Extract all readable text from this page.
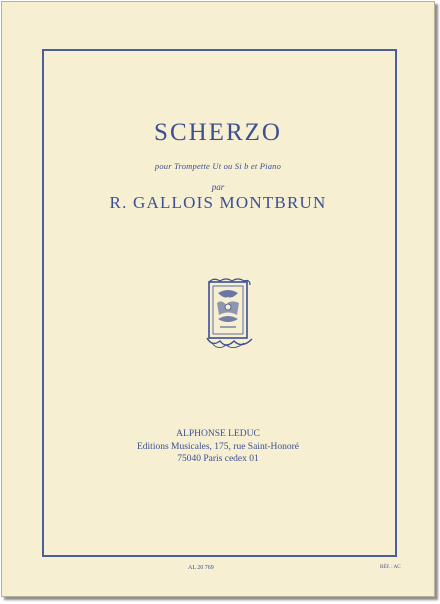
SCHERZO
pour Trompette Ut ou Si b et Piano
par
R. GALLOIS MONTBRUN
ALPHONSE LEDUC
Editions Musicales, 175, rue Saint-Honoré
75040 Paris cedex 01
AL 20 769	RÉF. : AC
